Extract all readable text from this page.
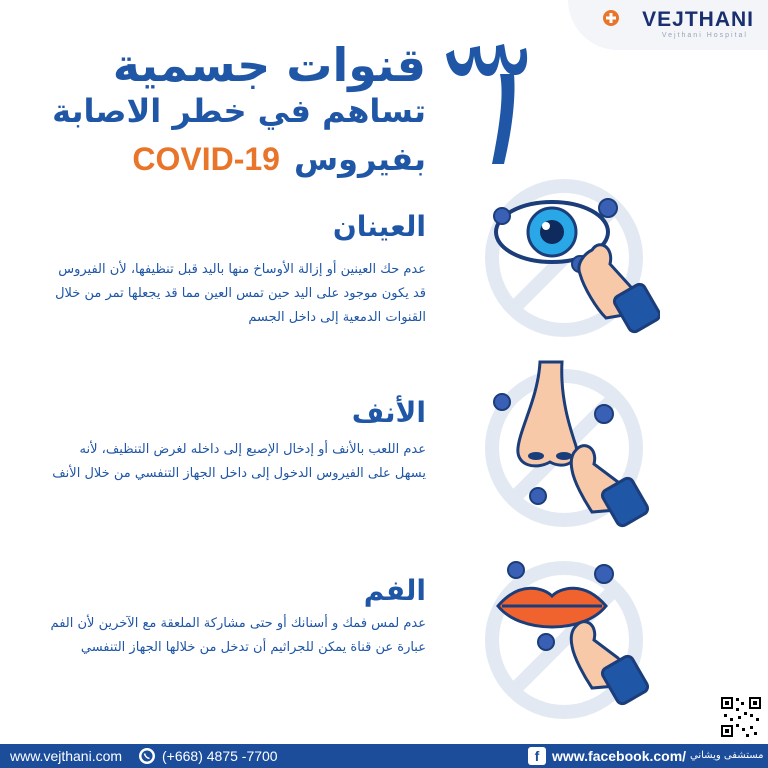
VEJTHANI
Vejthani Hospital
قنوات جسمية
تساهم في خطر الاصابة
بفيروسCOVID-19
العينان
عدم حك العينين أو إزالة الأوساخ منها باليد قبل تنظيفها، لأن الفيروس قد يكون موجود على اليد حين تمس العين مما قد يجعلها تمر من خلال القنوات الدمعية إلى داخل الجسم
الأنف
عدم اللعب بالأنف أو إدخال الإصبع إلى داخله لغرض التنظيف، لأنه يسهل على الفيروس الدخول إلى داخل الجهاز التنفسي من خلال الأنف
الفم
عدم لمس فمك و أسنانك أو حتى مشاركة الملعقة مع الآخرين لأن الفم عبارة عن قناة يمكن للجراثيم أن تدخل من خلالها الجهاز التنفسي
www.vejthani.com	(+668) 4875 -7700	f www.facebook.com/ مستشفى ويشاني
